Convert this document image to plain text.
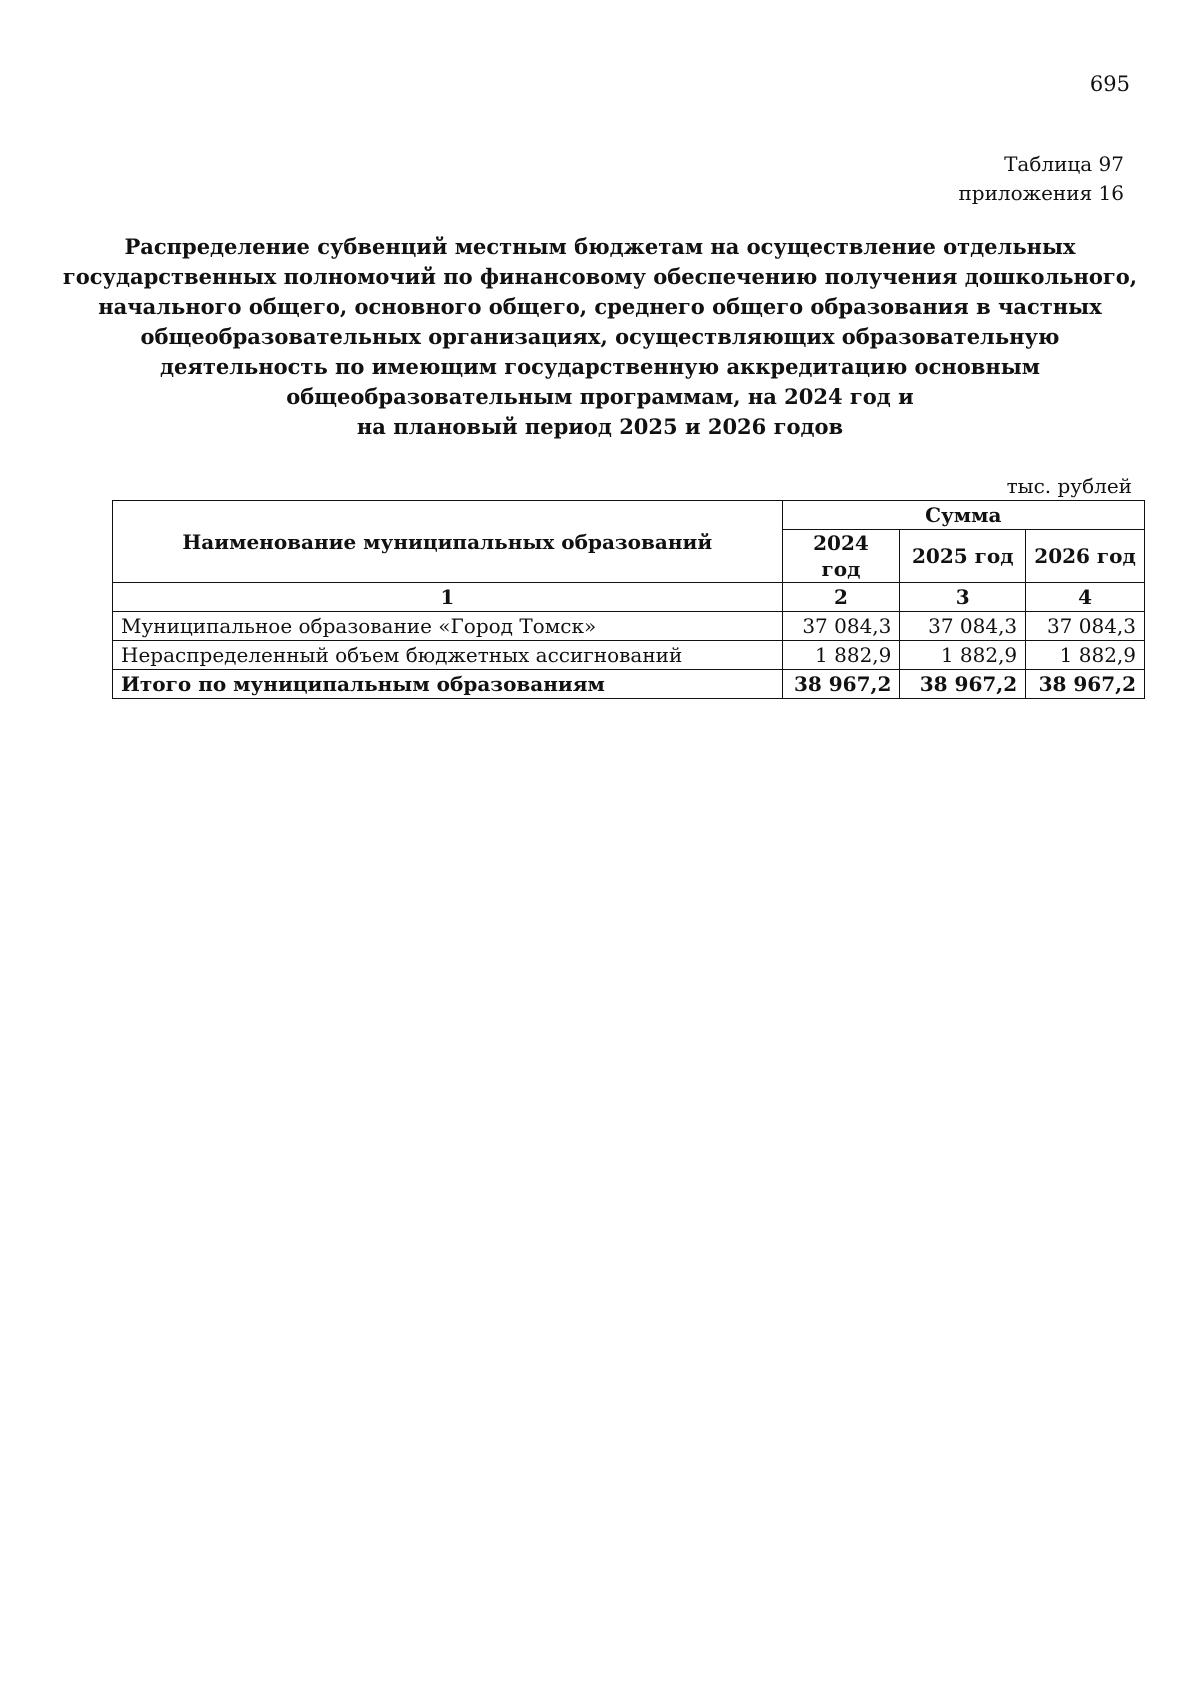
695
Таблица 97
приложения 16
Распределение субвенций местным бюджетам на осуществление отдельных
государственных полномочий по финансовому обеспечению получения дошкольного,
начального общего, основного общего, среднего общего образования в частных
общеобразовательных организациях, осуществляющих образовательную
деятельность по имеющим государственную аккредитацию основным
общеобразовательным программам, на 2024 год и
на плановый период 2025 и 2026 годов
тыс. рублей
Наименование муниципальных образований	Сумма		
	2024 год	2025 год	2026 год
1	2	3	4
Муниципальное образование «Город Томск»	37 084,3	37 084,3	37 084,3
Нераспределенный объем бюджетных ассигнований	1 882,9	1 882,9	1 882,9
Итого по муниципальным образованиям	38 967,2	38 967,2	38 967,2
